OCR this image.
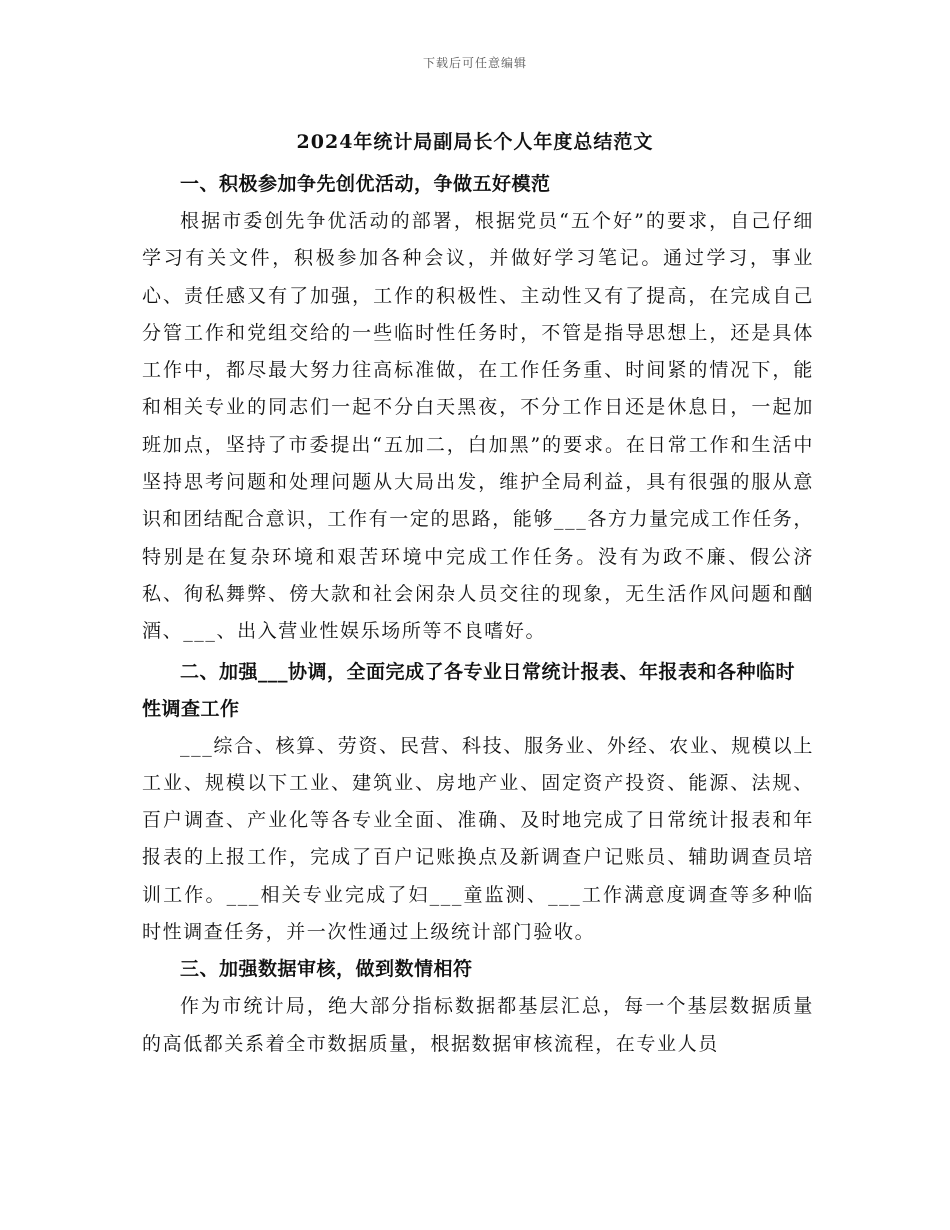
下载后可任意编辑
2024年统计局副局长个人年度总结范文

一、积极参加争先创优活动，争做五好模范

根据市委创先争优活动的部署，根据党员“五个好”的要求，自己仔细学习有关文件，积极参加各种会议，并做好学习笔记。通过学习，事业心、责任感又有了加强，工作的积极性、主动性又有了提高，在完成自己分管工作和党组交给的一些临时性任务时，不管是指导思想上，还是具体工作中，都尽最大努力往高标准做，在工作任务重、时间紧的情况下，能和相关专业的同志们一起不分白天黑夜，不分工作日还是休息日，一起加班加点，坚持了市委提出“五加二，白加黑”的要求。在日常工作和生活中坚持思考问题和处理问题从大局出发，维护全局利益，具有很强的服从意识和团结配合意识，工作有一定的思路，能够___各方力量完成工作任务，特别是在复杂环境和艰苦环境中完成工作任务。没有为政不廉、假公济私、徇私舞弊、傍大款和社会闲杂人员交往的现象，无生活作风问题和酗酒、___、出入营业性娱乐场所等不良嗜好。

二、加强___协调，全面完成了各专业日常统计报表、年报表和各种临时性调查工作

___综合、核算、劳资、民营、科技、服务业、外经、农业、规模以上工业、规模以下工业、建筑业、房地产业、固定资产投资、能源、法规、百户调查、产业化等各专业全面、准确、及时地完成了日常统计报表和年报表的上报工作，完成了百户记账换点及新调查户记账员、辅助调查员培训工作。___相关专业完成了妇___童监测、___工作满意度调查等多种临时性调查任务，并一次性通过上级统计部门验收。

三、加强数据审核，做到数情相符

作为市统计局，绝大部分指标数据都基层汇总，每一个基层数据质量的高低都关系着全市数据质量，根据数据审核流程，在专业人员
